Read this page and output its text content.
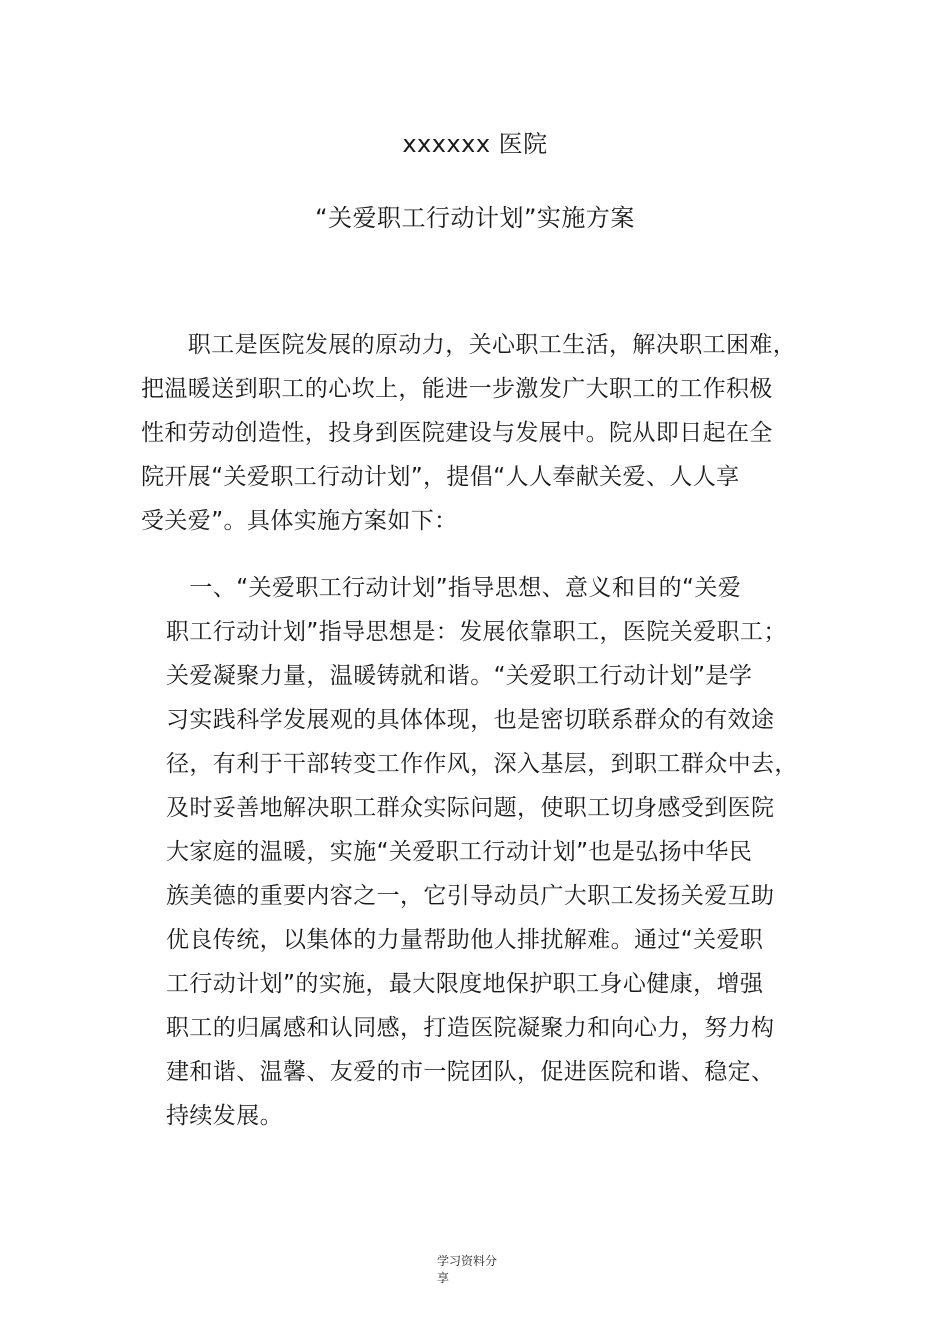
xxxxxx 医院
“关爱职工行动计划”实施方案
　　职工是医院发展的原动力，关心职工生活，解决职工困难，
把温暖送到职工的心坎上，能进一步激发广大职工的工作积极
性和劳动创造性，投身到医院建设与发展中。院从即日起在全
院开展“关爱职工行动计划”，提倡“人人奉献关爱、人人享
受关爱”。具体实施方案如下：
　一、“关爱职工行动计划”指导思想、意义和目的“关爱
职工行动计划”指导思想是：发展依靠职工，医院关爱职工；
关爱凝聚力量，温暖铸就和谐。“关爱职工行动计划”是学
习实践科学发展观的具体体现，也是密切联系群众的有效途
径，有利于干部转变工作作风，深入基层，到职工群众中去，
及时妥善地解决职工群众实际问题，使职工切身感受到医院
大家庭的温暖，实施“关爱职工行动计划”也是弘扬中华民
族美德的重要内容之一，它引导动员广大职工发扬关爱互助
优良传统，以集体的力量帮助他人排扰解难。通过“关爱职
工行动计划”的实施，最大限度地保护职工身心健康，增强
职工的归属感和认同感，打造医院凝聚力和向心力，努力构
建和谐、温馨、友爱的市一院团队，促进医院和谐、稳定、
持续发展。
学习资料分
享
